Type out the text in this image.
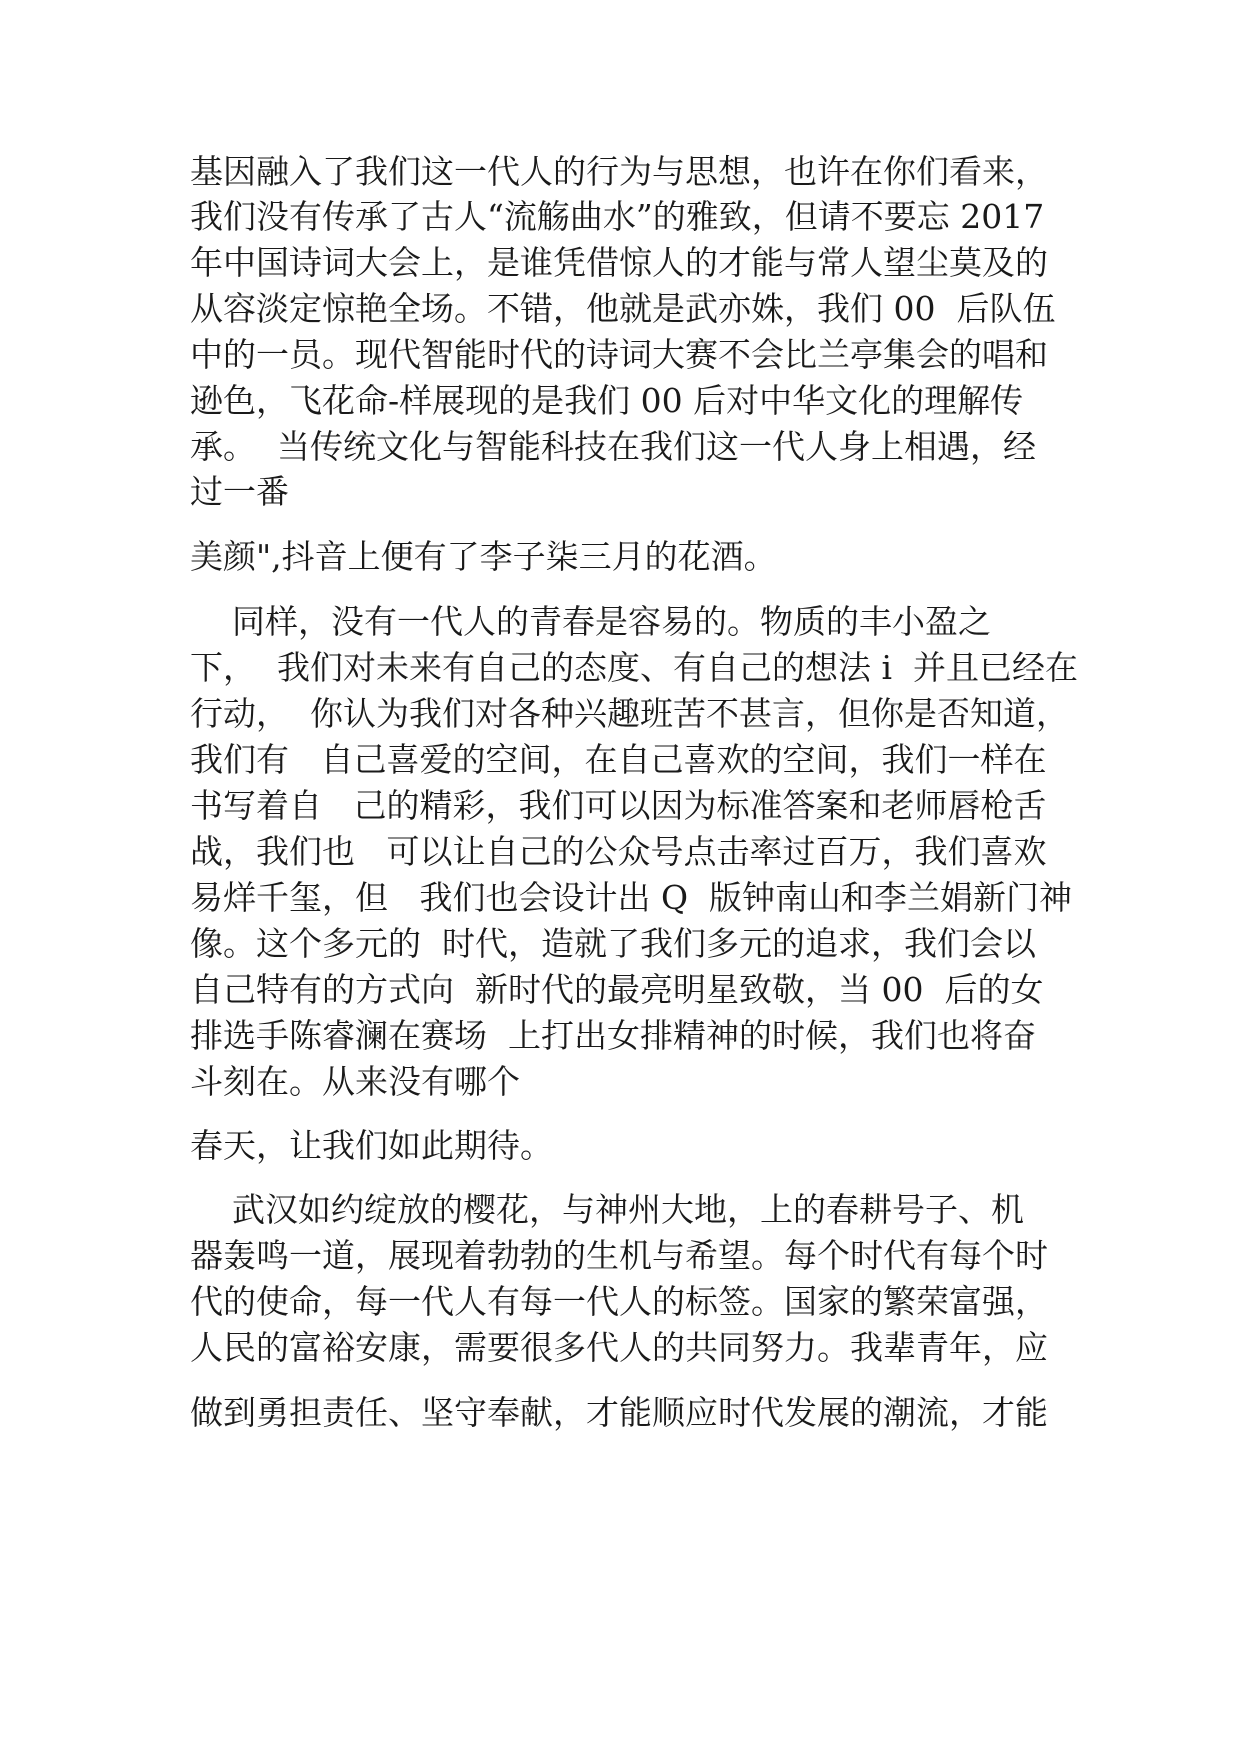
基因融入了我们这一代人的行为与思想，也许在你们看来，
我们没有传承了古人“流觞曲水”的雅致，但请不要忘 2017
年中国诗词大会上，是谁凭借惊人的才能与常人望尘莫及的
从容淡定惊艳全场。不错，他就是武亦姝，我们 00  后队伍
中的一员。现代智能时代的诗词大赛不会比兰亭集会的唱和
逊色，飞花命-样展现的是我们 00 后对中华文化的理解传
承。  当传统文化与智能科技在我们这一代人身上相遇，经
过一番
美颜",抖音上便有了李子柒三月的花酒。
同样，没有一代人的青春是容易的。物质的丰小盈之
下，  我们对未来有自己的态度、有自己的想法 i  并且已经在
行动，  你认为我们对各种兴趣班苦不甚言，但你是否知道，
我们有   自己喜爱的空间，在自己喜欢的空间，我们一样在
书写着自   己的精彩，我们可以因为标准答案和老师唇枪舌
战，我们也   可以让自己的公众号点击率过百万，我们喜欢
易烊千玺，但   我们也会设计出 Q  版钟南山和李兰娟新门神
像。这个多元的  时代，造就了我们多元的追求，我们会以
自己特有的方式向  新时代的最亮明星致敬，当 00  后的女
排选手陈睿澜在赛场  上打出女排精神的时候，我们也将奋
斗刻在。从来没有哪个
春天，让我们如此期待。
武汉如约绽放的樱花，与神州大地，上的春耕号子、机
器轰鸣一道，展现着勃勃的生机与希望。每个时代有每个时
代的使命，每一代人有每一代人的标签。国家的繁荣富强，
人民的富裕安康，需要很多代人的共同努力。我辈青年，应
做到勇担责任、坚守奉献，才能顺应时代发展的潮流，才能
